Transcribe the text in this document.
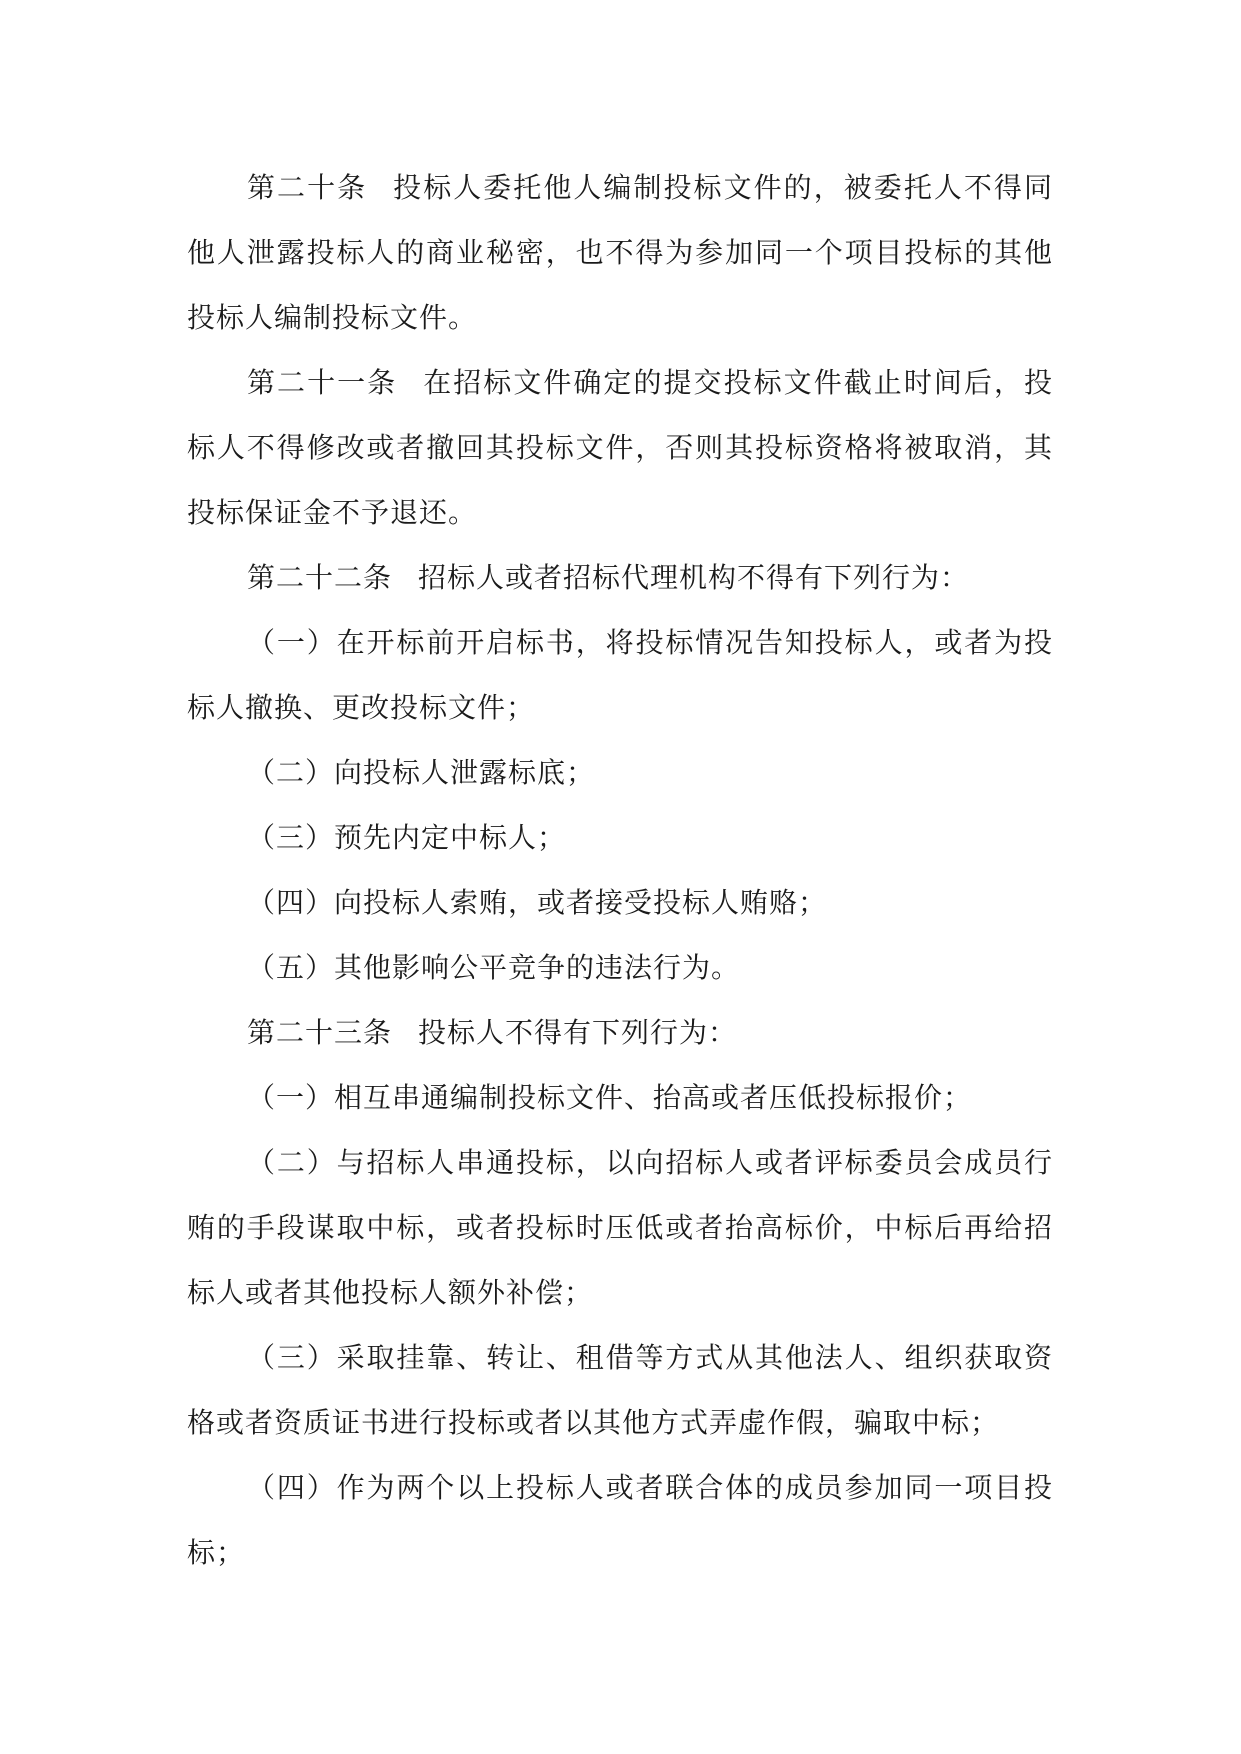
第二十条 投标人委托他人编制投标文件的，被委托人不得同他人泄露投标人的商业秘密，也不得为参加同一个项目投标的其他投标人编制投标文件。

第二十一条 在招标文件确定的提交投标文件截止时间后，投标人不得修改或者撤回其投标文件，否则其投标资格将被取消，其投标保证金不予退还。

第二十二条 招标人或者招标代理机构不得有下列行为：

（一）在开标前开启标书，将投标情况告知投标人，或者为投标人撤换、更改投标文件；

（二）向投标人泄露标底；

（三）预先内定中标人；

（四）向投标人索贿，或者接受投标人贿赂；

（五）其他影响公平竞争的违法行为。

第二十三条 投标人不得有下列行为：

（一）相互串通编制投标文件、抬高或者压低投标报价；

（二）与招标人串通投标，以向招标人或者评标委员会成员行贿的手段谋取中标，或者投标时压低或者抬高标价，中标后再给招标人或者其他投标人额外补偿；

（三）采取挂靠、转让、租借等方式从其他法人、组织获取资格或者资质证书进行投标或者以其他方式弄虚作假，骗取中标；

（四）作为两个以上投标人或者联合体的成员参加同一项目投标；
